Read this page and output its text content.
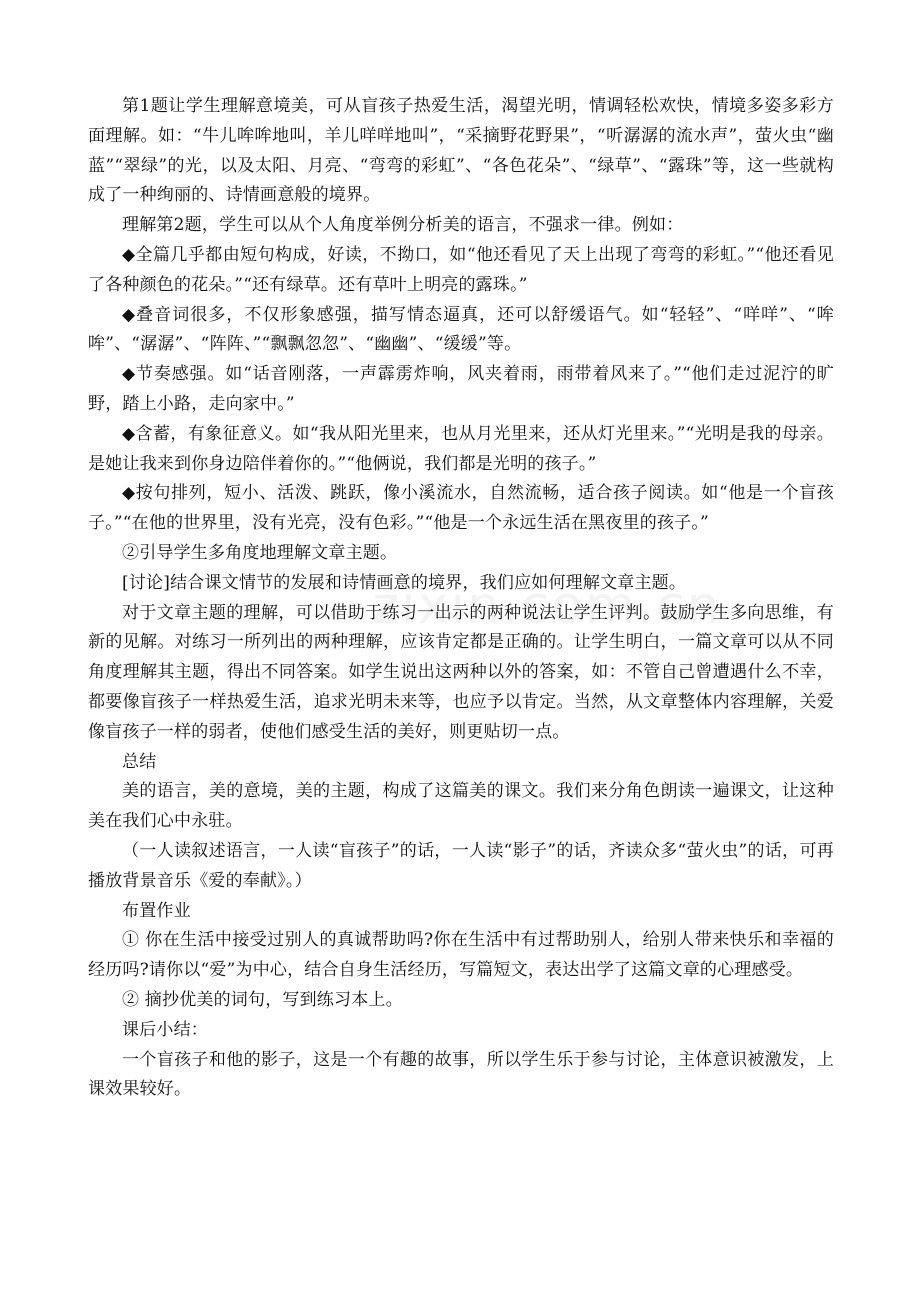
第1题让学生理解意境美，可从盲孩子热爱生活，渴望光明，情调轻松欢快，情境多姿多彩方面理解。如：“牛儿哞哞地叫，羊儿咩咩地叫”，“采摘野花野果”，“听潺潺的流水声”，萤火虫“幽蓝”“翠绿”的光，以及太阳、月亮、“弯弯的彩虹”、“各色花朵”、“绿草”、“露珠”等，这一些就构成了一种绚丽的、诗情画意般的境界。

理解第2题，学生可以从个人角度举例分析美的语言，不强求一律。例如：

◆全篇几乎都由短句构成，好读，不拗口，如“他还看见了天上出现了弯弯的彩虹。”“他还看见了各种颜色的花朵。”“还有绿草。还有草叶上明亮的露珠。”

◆叠音词很多，不仅形象感强，描写情态逼真，还可以舒缓语气。如“轻轻”、“咩咩”、“哞哞”、“潺潺”、“阵阵、”“飘飘忽忽”、“幽幽”、“缓缓”等。

◆节奏感强。如“话音刚落，一声霹雳炸响，风夹着雨，雨带着风来了。”“他们走过泥泞的旷野，踏上小路，走向家中。”

◆含蓄，有象征意义。如“我从阳光里来，也从月光里来，还从灯光里来。”“光明是我的母亲。是她让我来到你身边陪伴着你的。”“他俩说，我们都是光明的孩子。”

◆按句排列，短小、活泼、跳跃，像小溪流水，自然流畅，适合孩子阅读。如“他是一个盲孩子。”“在他的世界里，没有光亮，没有色彩。”“他是一个永远生活在黑夜里的孩子。”

②引导学生多角度地理解文章主题。

[讨论]结合课文情节的发展和诗情画意的境界，我们应如何理解文章主题。

对于文章主题的理解，可以借助于练习一出示的两种说法让学生评判。鼓励学生多向思维，有新的见解。对练习一所列出的两种理解，应该肯定都是正确的。让学生明白，一篇文章可以从不同角度理解其主题，得出不同答案。如学生说出这两种以外的答案，如：不管自己曾遭遇什么不幸，都要像盲孩子一样热爱生活，追求光明未来等，也应予以肯定。当然，从文章整体内容理解，关爱像盲孩子一样的弱者，使他们感受生活的美好，则更贴切一点。

总结

美的语言，美的意境，美的主题，构成了这篇美的课文。我们来分角色朗读一遍课文，让这种美在我们心中永驻。

（一人读叙述语言，一人读“盲孩子”的话，一人读“影子”的话，齐读众多“萤火虫”的话，可再播放背景音乐《爱的奉献》。）

布置作业

① 你在生活中接受过别人的真诚帮助吗?你在生活中有过帮助别人，给别人带来快乐和幸福的经历吗?请你以“爱”为中心，结合自身生活经历，写篇短文，表达出学了这篇文章的心理感受。

② 摘抄优美的词句，写到练习本上。

课后小结：

一个盲孩子和他的影子，这是一个有趣的故事，所以学生乐于参与讨论，主体意识被激发，上课效果较好。
